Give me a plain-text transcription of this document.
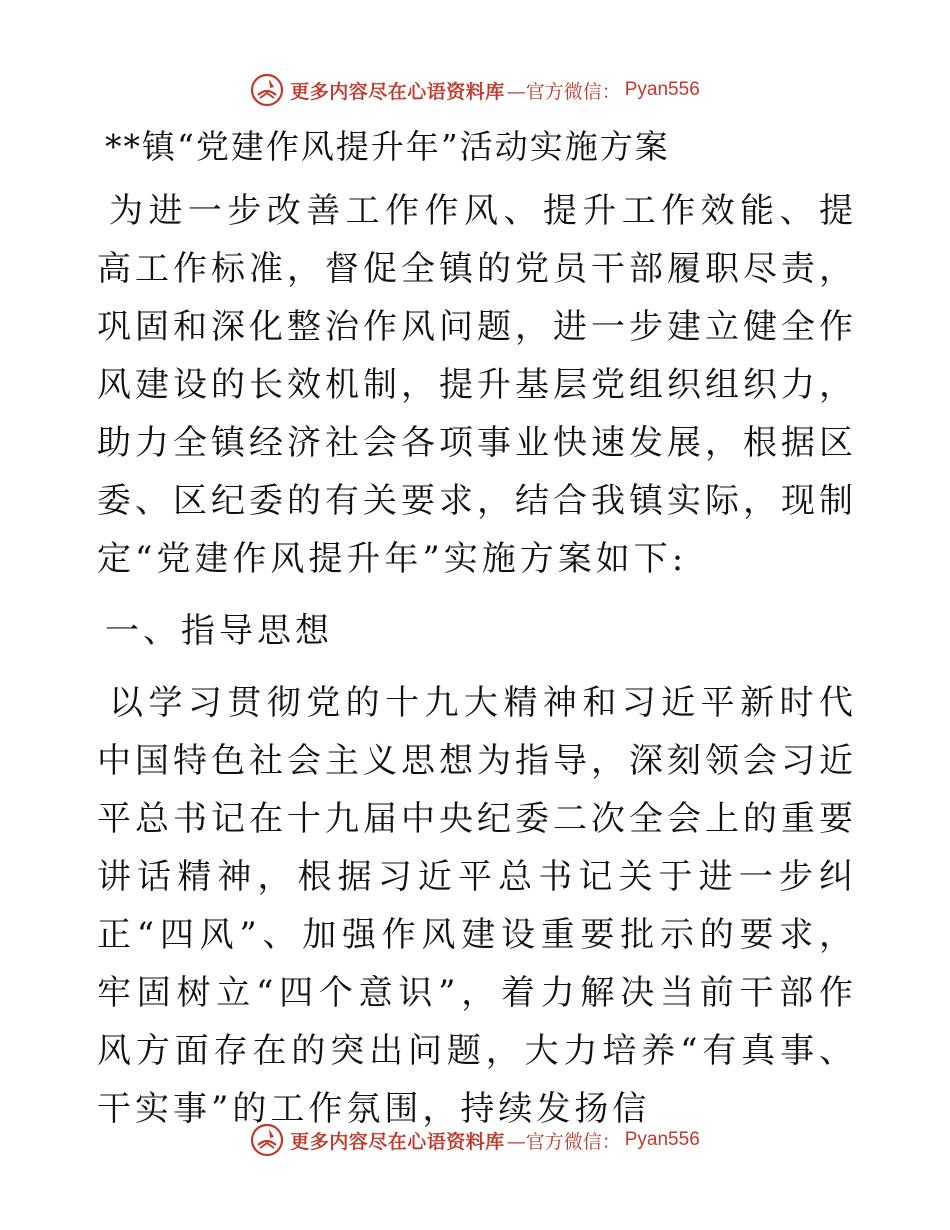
更多内容尽在心语资料库 —官方微信： Pyan556
**镇“党建作风提升年”活动实施方案

为进一步改善工作作风、提升工作效能、提高工作标准，督促全镇的党员干部履职尽责，巩固和深化整治作风问题，进一步建立健全作风建设的长效机制，提升基层党组织组织力，助力全镇经济社会各项事业快速发展，根据区委、区纪委的有关要求，结合我镇实际，现制定“党建作风提升年”实施方案如下:

一、指导思想

以学习贯彻党的十九大精神和习近平新时代中国特色社会主义思想为指导，深刻领会习近平总书记在十九届中央纪委二次全会上的重要讲话精神，根据习近平总书记关于进一步纠正“四风”、加强作风建设重要批示的要求，牢固树立“四个意识”，着力解决当前干部作风方面存在的突出问题，大力培养“有真事、干实事”的工作氛围，持续发扬信

更多内容尽在心语资料库 —官方微信： Pyan556
